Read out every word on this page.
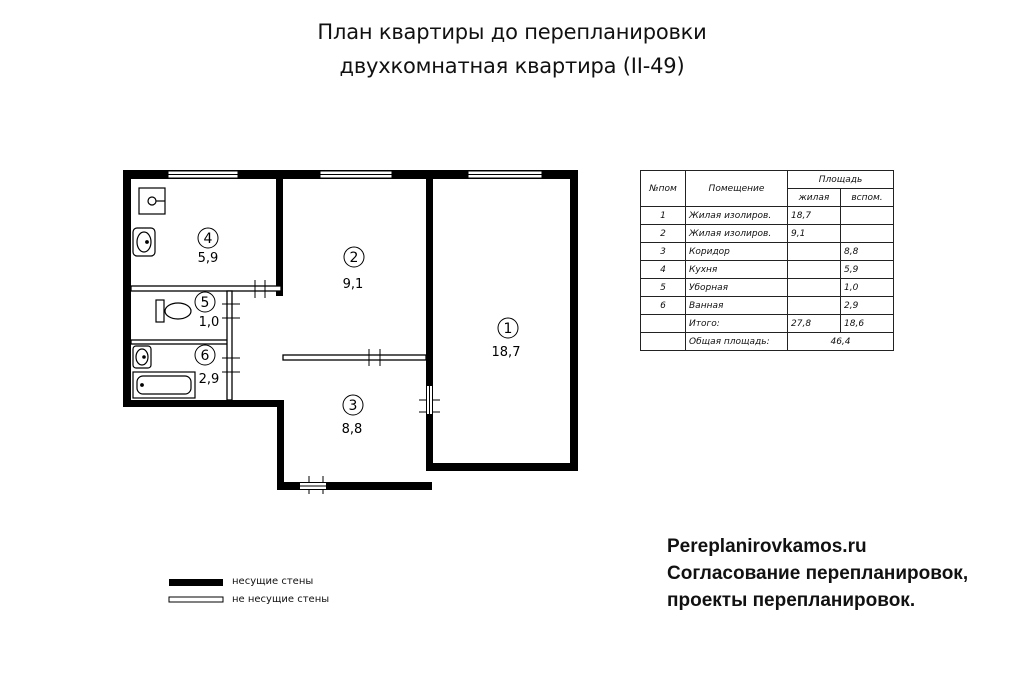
План квартиры до перепланировки
двухкомнатная квартира (II-49)
1
2
3
4
5
6	18,7
9,1
8,8
5,9
1,0
2,9
№пом	Помещение	Площадь	
		жилая	вспом.
1	Жилая изолиров.	18,7	
2	Жилая изолиров.	9,1	
3	Коридор		8,8
4	Кухня		5,9
5	Уборная		1,0
6	Ванная		2,9
	Итого:	27,8	18,6
	Общая площадь:	46,4	
Pereplanirovkamos.ru
Согласование перепланировок,
проекты перепланировок.
несущие стены
не несущие стены
